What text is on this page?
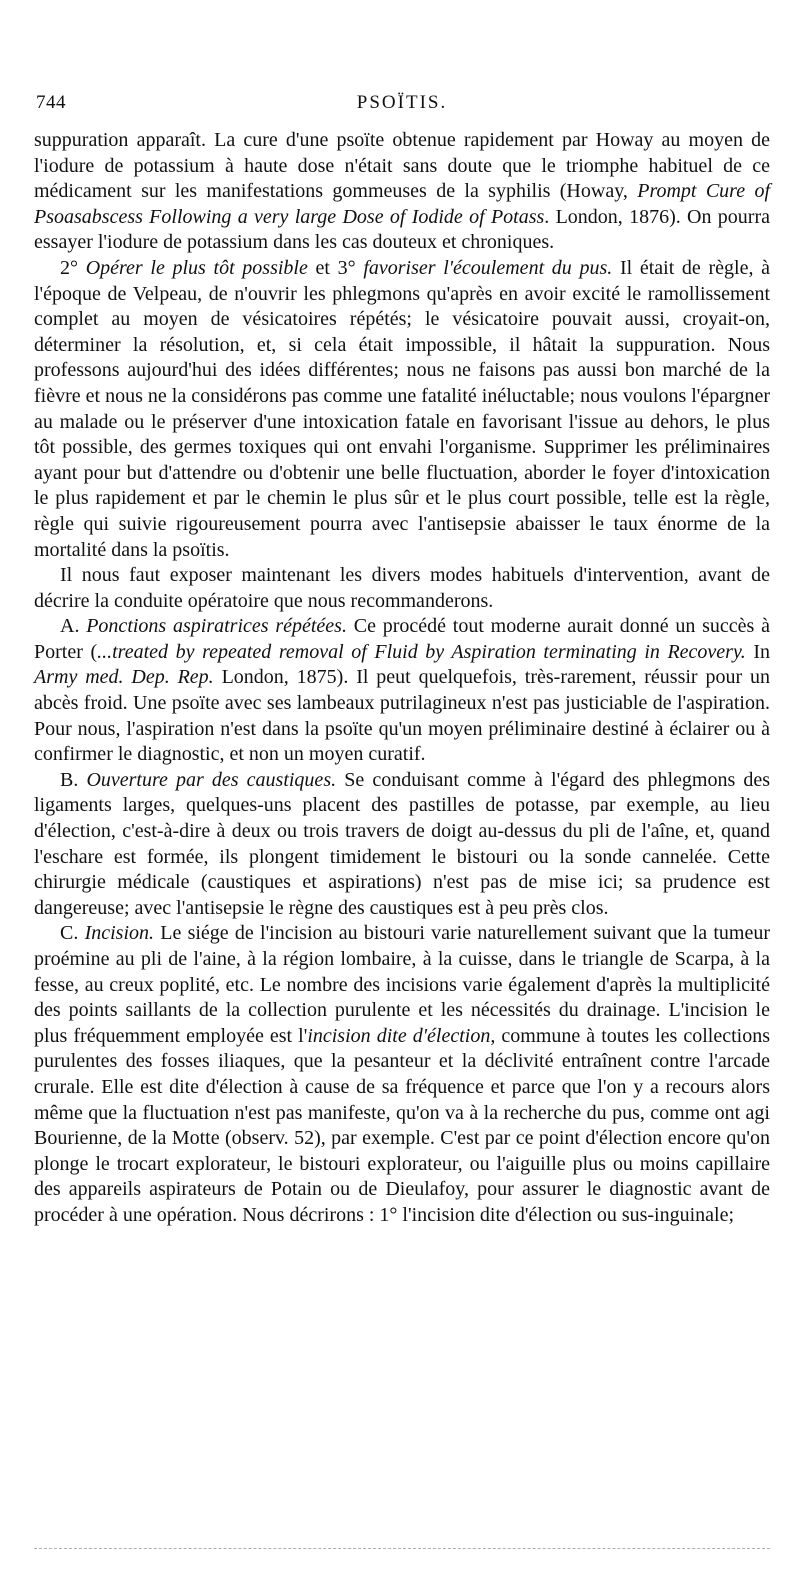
744	PSOÏTIS.

suppuration apparaît. La cure d'une psoïte obtenue rapidement par Howay au moyen de l'iodure de potassium à haute dose n'était sans doute que le triomphe habituel de ce médicament sur les manifestations gommeuses de la syphilis (Howay, Prompt Cure of Psoasabscess Following a very large Dose of Iodide of Potass. London, 1876). On pourra essayer l'iodure de potassium dans les cas douteux et chroniques.

2° Opérer le plus tôt possible et 3° favoriser l'écoulement du pus. Il était de règle, à l'époque de Velpeau, de n'ouvrir les phlegmons qu'après en avoir excité le ramollissement complet au moyen de vésicatoires répétés; le vésicatoire pouvait aussi, croyait-on, déterminer la résolution, et, si cela était impossible, il hâtait la suppuration. Nous professons aujourd'hui des idées différentes; nous ne faisons pas aussi bon marché de la fièvre et nous ne la considérons pas comme une fatalité inéluctable; nous voulons l'épargner au malade ou le préserver d'une intoxication fatale en favorisant l'issue au dehors, le plus tôt possible, des germes toxiques qui ont envahi l'organisme. Supprimer les préliminaires ayant pour but d'attendre ou d'obtenir une belle fluctuation, aborder le foyer d'intoxication le plus rapidement et par le chemin le plus sûr et le plus court possible, telle est la règle, règle qui suivie rigoureusement pourra avec l'antisepsie abaisser le taux énorme de la mortalité dans la psoïtis.

Il nous faut exposer maintenant les divers modes habituels d'intervention, avant de décrire la conduite opératoire que nous recommanderons.

A. Ponctions aspiratrices répétées. Ce procédé tout moderne aurait donné un succès à Porter (...treated by repeated removal of Fluid by Aspiration terminating in Recovery. In Army med. Dep. Rep. London, 1875). Il peut quelquefois, très-rarement, réussir pour un abcès froid. Une psoïte avec ses lambeaux putrilagineux n'est pas justiciable de l'aspiration. Pour nous, l'aspiration n'est dans la psoïte qu'un moyen préliminaire destiné à éclairer ou à confirmer le diagnostic, et non un moyen curatif.

B. Ouverture par des caustiques. Se conduisant comme à l'égard des phlegmons des ligaments larges, quelques-uns placent des pastilles de potasse, par exemple, au lieu d'élection, c'est-à-dire à deux ou trois travers de doigt au-dessus du pli de l'aîne, et, quand l'eschare est formée, ils plongent timidement le bistouri ou la sonde cannelée. Cette chirurgie médicale (caustiques et aspirations) n'est pas de mise ici; sa prudence est dangereuse; avec l'antisepsie le règne des caustiques est à peu près clos.

C. Incision. Le siége de l'incision au bistouri varie naturellement suivant que la tumeur proémine au pli de l'aine, à la région lombaire, à la cuisse, dans le triangle de Scarpa, à la fesse, au creux poplité, etc. Le nombre des incisions varie également d'après la multiplicité des points saillants de la collection purulente et les nécessités du drainage. L'incision le plus fréquemment employée est l'incision dite d'élection, commune à toutes les collections purulentes des fosses iliaques, que la pesanteur et la déclivité entraînent contre l'arcade crurale. Elle est dite d'élection à cause de sa fréquence et parce que l'on y a recours alors même que la fluctuation n'est pas manifeste, qu'on va à la recherche du pus, comme ont agi Bourienne, de la Motte (observ. 52), par exemple. C'est par ce point d'élection encore qu'on plonge le trocart explorateur, le bistouri explorateur, ou l'aiguille plus ou moins capillaire des appareils aspirateurs de Potain ou de Dieulafoy, pour assurer le diagnostic avant de procéder à une opération. Nous décrirons : 1° l'incision dite d'élection ou sus-inguinale;
